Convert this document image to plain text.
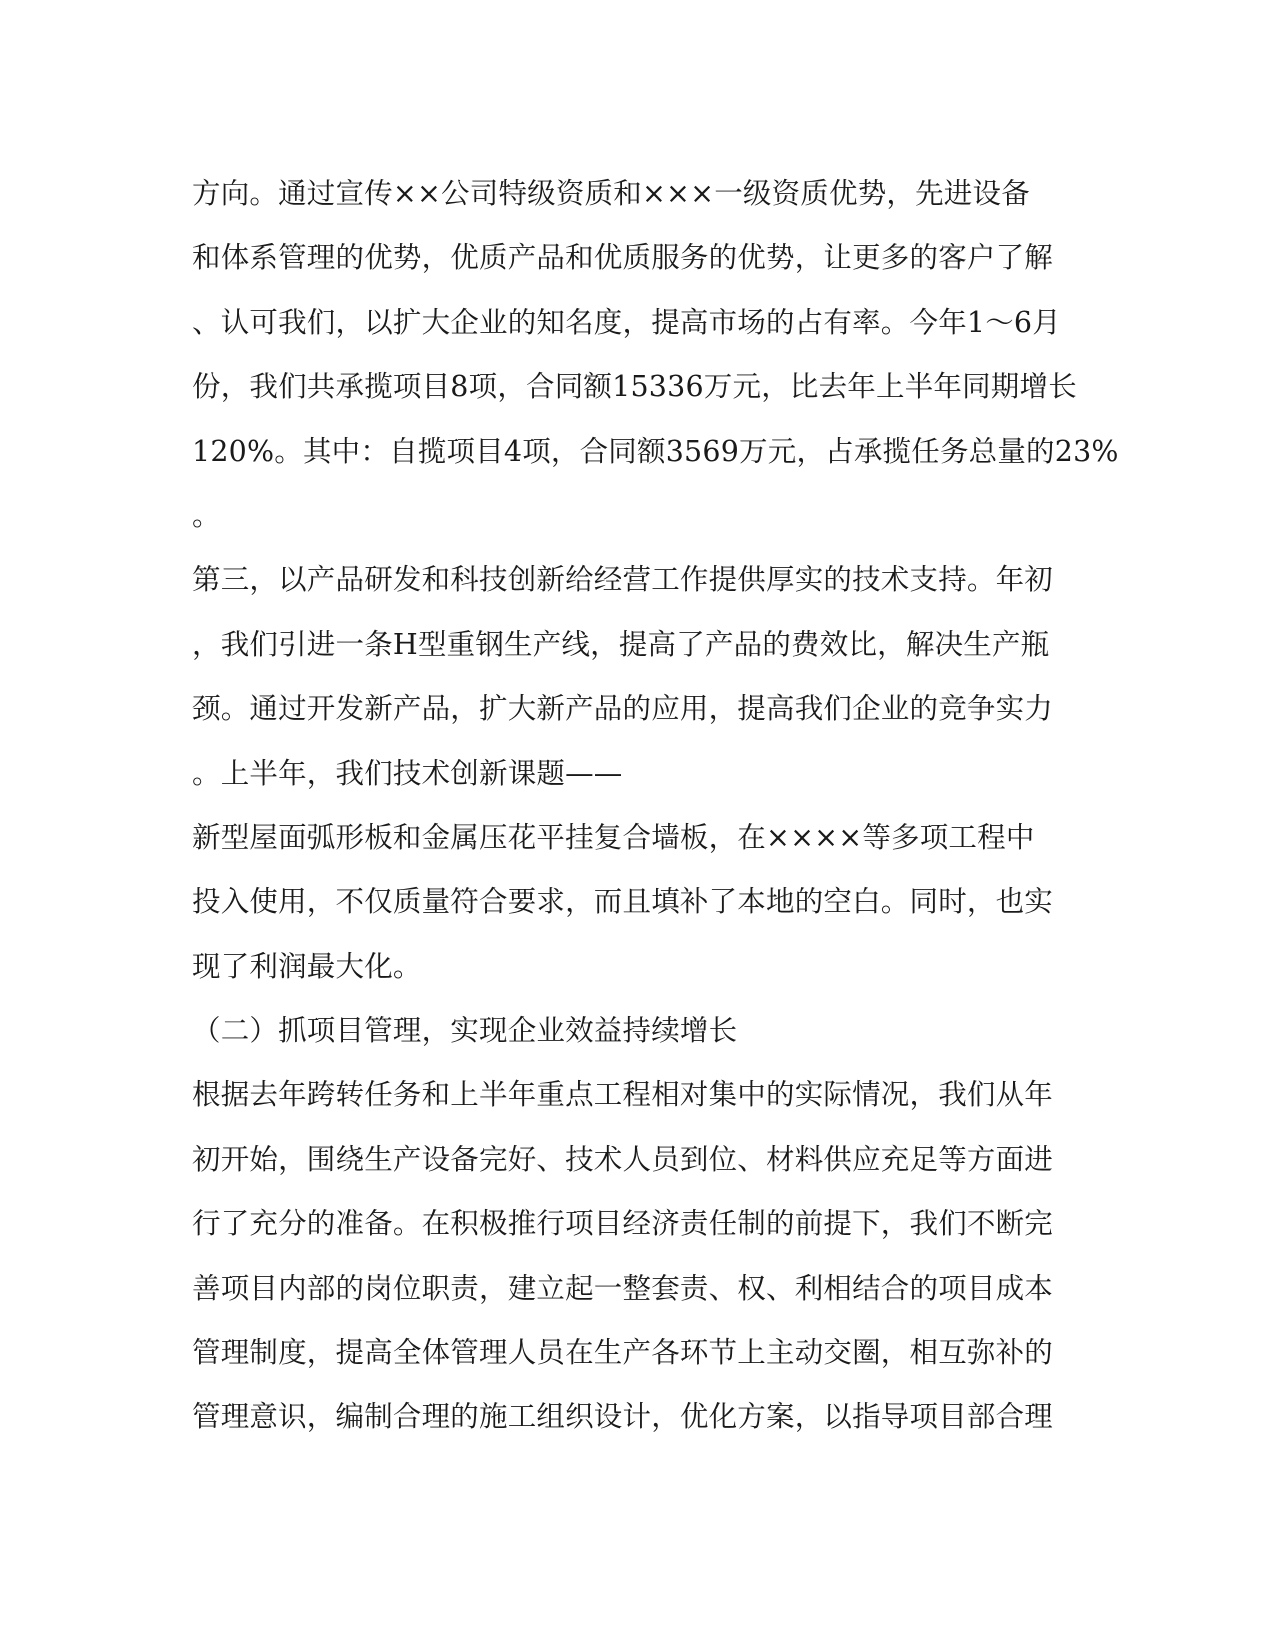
方向。通过宣传××公司特级资质和×××一级资质优势，先进设备
和体系管理的优势，优质产品和优质服务的优势，让更多的客户了解
、认可我们，以扩大企业的知名度，提高市场的占有率。今年1～6月
份，我们共承揽项目8项，合同额15336万元，比去年上半年同期增长
120%。其中：自揽项目4项，合同额3569万元，占承揽任务总量的23%
。
第三，以产品研发和科技创新给经营工作提供厚实的技术支持。年初
，我们引进一条H型重钢生产线，提高了产品的费效比，解决生产瓶
颈。通过开发新产品，扩大新产品的应用，提高我们企业的竞争实力
。上半年，我们技术创新课题——
新型屋面弧形板和金属压花平挂复合墙板，在××××等多项工程中
投入使用，不仅质量符合要求，而且填补了本地的空白。同时，也实
现了利润最大化。
（二）抓项目管理，实现企业效益持续增长
根据去年跨转任务和上半年重点工程相对集中的实际情况，我们从年
初开始，围绕生产设备完好、技术人员到位、材料供应充足等方面进
行了充分的准备。在积极推行项目经济责任制的前提下，我们不断完
善项目内部的岗位职责，建立起一整套责、权、利相结合的项目成本
管理制度，提高全体管理人员在生产各环节上主动交圈，相互弥补的
管理意识，编制合理的施工组织设计，优化方案，以指导项目部合理
